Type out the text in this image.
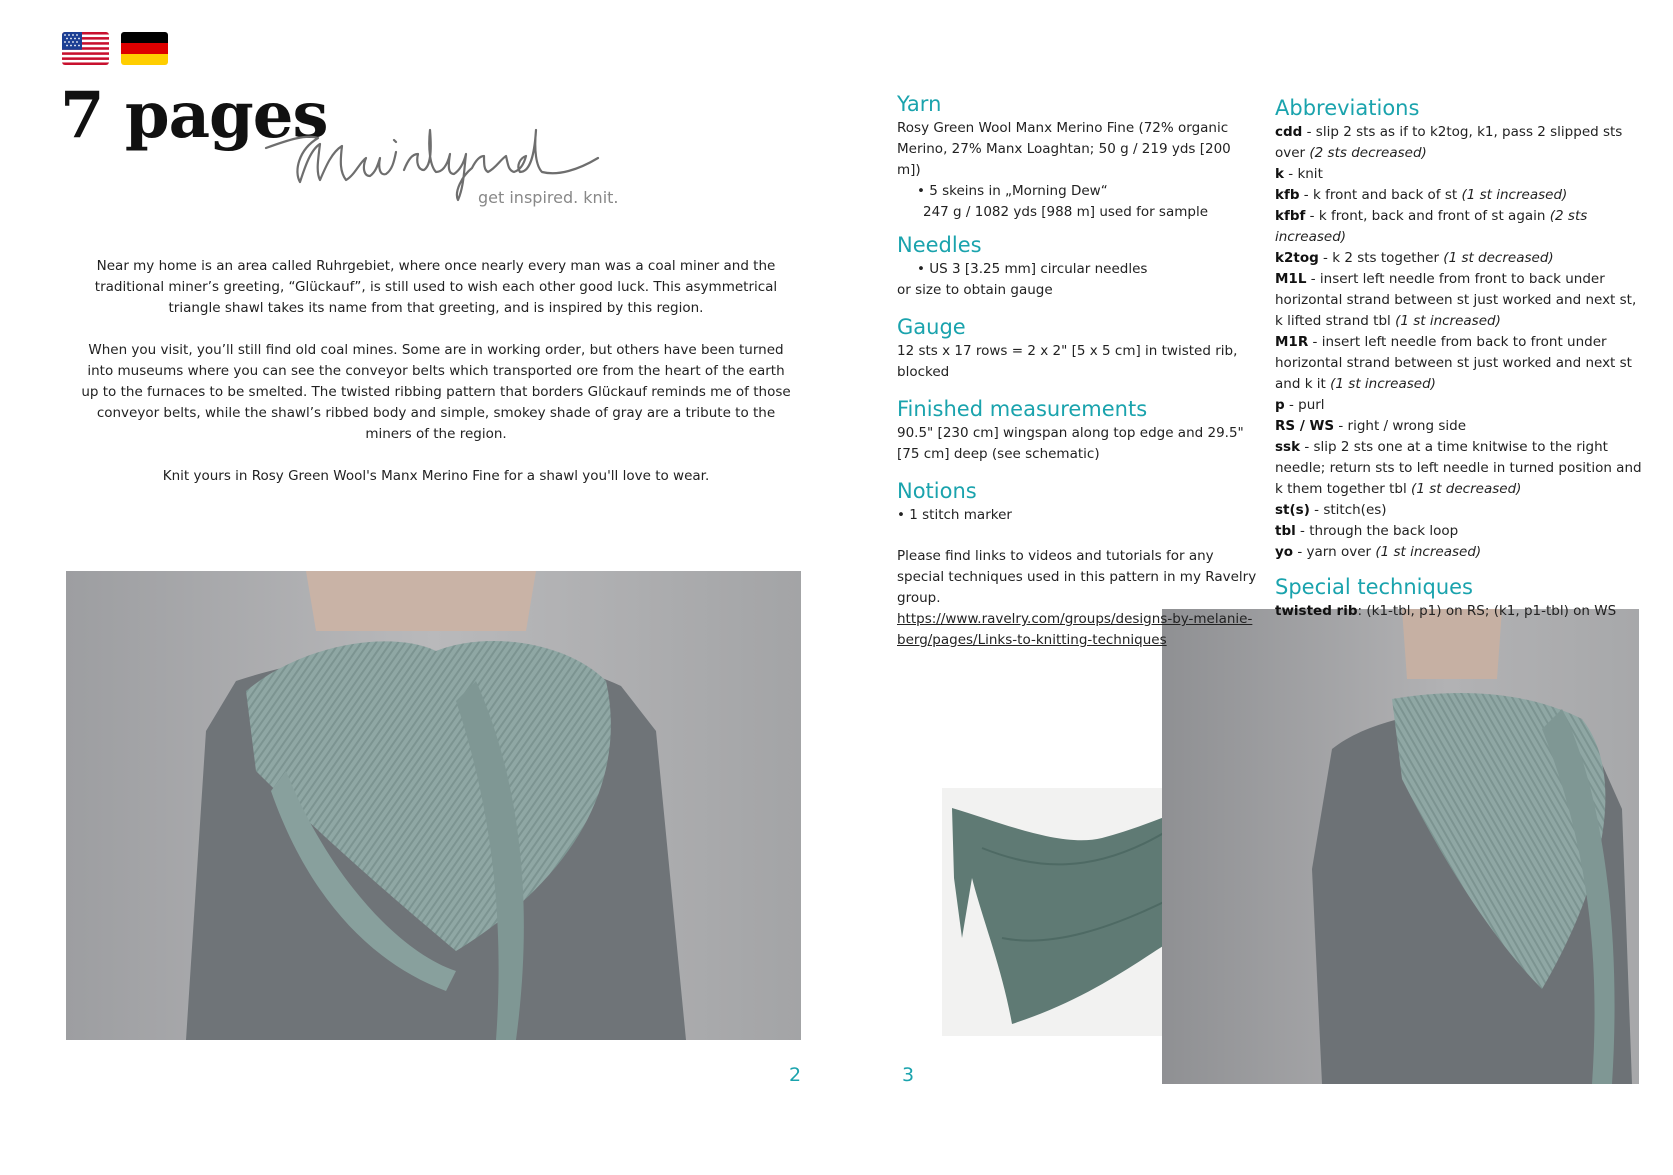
7 pages
get inspired. knit.

Near my home is an area called Ruhrgebiet, where once nearly every man was a coal miner and the traditional miner’s greeting, “Glückauf”, is still used to wish each other good luck. This asymmetrical triangle shawl takes its name from that greeting, and is inspired by this region.

When you visit, you’ll still find old coal mines. Some are in working order, but others have been turned into museums where you can see the conveyor belts which transported ore from the heart of the earth up to the furnaces to be smelted. The twisted ribbing pattern that borders Glückauf reminds me of those conveyor belts, while the shawl’s ribbed body and simple, smokey shade of gray are a tribute to the miners of the region.

Knit yours in Rosy Green Wool's Manx Merino Fine for a shawl you'll love to wear.

2	3
Yarn
Rosy Green Wool Manx Merino Fine (72% organic Merino, 27% Manx Loaghtan; 50 g / 219 yds [200 m])
• 5 skeins in „Morning Dew“
247 g / 1082 yds [988 m] used for sample
Needles
• US 3 [3.25 mm] circular needles
or size to obtain gauge
Gauge
12 sts x 17 rows = 2 x 2" [5 x 5 cm] in twisted rib, blocked
Finished measurements
90.5" [230 cm] wingspan along top edge and 29.5" [75 cm] deep (see schematic)
Notions
• 1 stitch marker
Please find links to videos and tutorials for any special techniques used in this pattern in my Ravelry group.
https://www.ravelry.com/groups/designs-by-melanie-berg/pages/Links-to-knitting-techniques
Abbreviations
cdd - slip 2 sts as if to k2tog, k1, pass 2 slipped sts over (2 sts decreased)
k - knit
kfb - k front and back of st (1 st increased)
kfbf - k front, back and front of st again (2 sts increased)
k2tog - k 2 sts together (1 st decreased)
M1L - insert left needle from front to back under horizontal strand between st just worked and next st, k lifted strand tbl (1 st increased)
M1R - insert left needle from back to front under horizontal strand between st just worked and next st and k it (1 st increased)
p - purl
RS / WS - right / wrong side
ssk - slip 2 sts one at a time knitwise to the right needle; return sts to left needle in turned position and k them together tbl (1 st decreased)
st(s) - stitch(es)
tbl - through the back loop
yo - yarn over (1 st increased)
Special techniques
twisted rib: (k1-tbl, p1) on RS; (k1, p1-tbl) on WS
